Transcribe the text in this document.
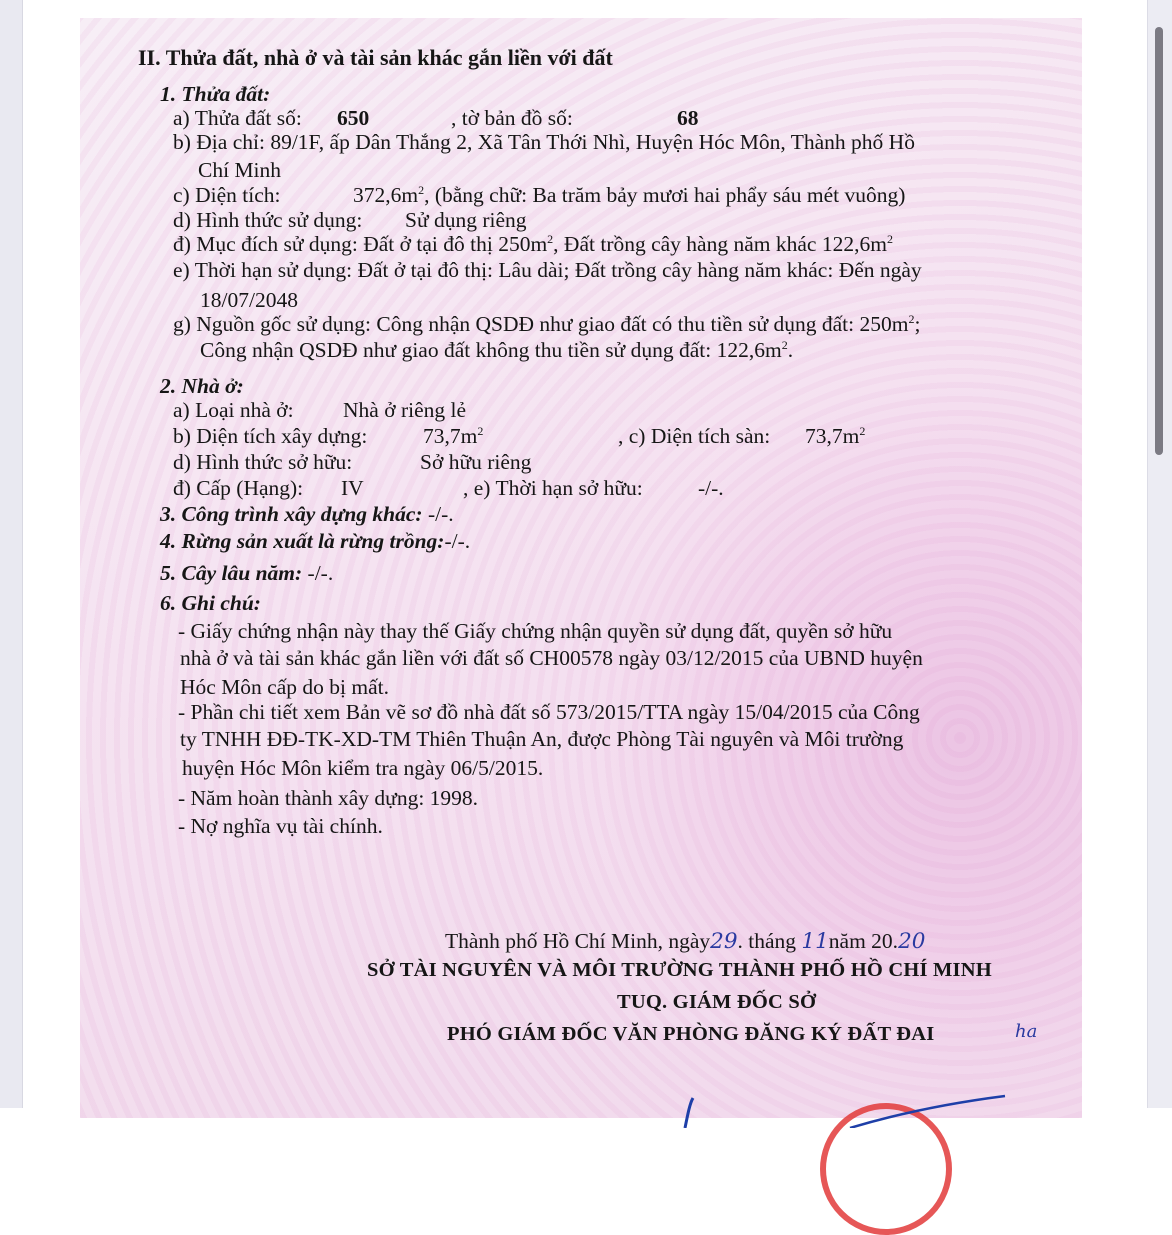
II. Thửa đất, nhà ở và tài sản khác gắn liền với đất
1. Thửa đất:
a) Thửa đất số: 650	, tờ bản đồ số:	68
b) Địa chỉ: 89/1F, ấp Dân Thắng 2, Xã Tân Thới Nhì, Huyện Hóc Môn, Thành phố Hồ
Chí Minh
c) Diện tích:	$372,6m^2$, (bằng chữ: Ba trăm bảy mươi hai phẩy sáu mét vuông)
d) Hình thức sử dụng: Sử dụng riêng
đ) Mục đích sử dụng: Đất ở tại đô thị $250m^2$, Đất trồng cây hàng năm khác $122,6m^2$
e) Thời hạn sử dụng: Đất ở tại đô thị: Lâu dài; Đất trồng cây hàng năm khác: Đến ngày
18/07/2048
g) Nguồn gốc sử dụng: Công nhận QSDĐ như giao đất có thu tiền sử dụng đất: $250m^2$;
Công nhận QSDĐ như giao đất không thu tiền sử dụng đất: $122,6m^2$.
2. Nhà ở:
a) Loại nhà ở: Nhà ở riêng lẻ
b) Diện tích xây dựng:	$73,7m^2$	, c) Diện tích sàn: $73,7m^2$
d) Hình thức sở hữu:	Sở hữu riêng
đ) Cấp (Hạng): IV	, e) Thời hạn sở hữu:	-/-.
3. Công trình xây dựng khác: -/-.
4. Rừng sản xuất là rừng trồng:-/-.
5. Cây lâu năm: -/-.
6. Ghi chú:
- Giấy chứng nhận này thay thế Giấy chứng nhận quyền sử dụng đất, quyền sở hữu
nhà ở và tài sản khác gắn liền với đất số CH00578 ngày 03/12/2015 của UBND huyện
Hóc Môn cấp do bị mất.
- Phần chi tiết xem Bản vẽ sơ đồ nhà đất số 573/2015/TTA ngày 15/04/2015 của Công
ty TNHH ĐĐ-TK-XD-TM Thiên Thuận An, được Phòng Tài nguyên và Môi trường
huyện Hóc Môn kiểm tra ngày 06/5/2015.
- Năm hoàn thành xây dựng: 1998.
- Nợ nghĩa vụ tài chính.
Thành phố Hồ Chí Minh, ngày29. tháng 11năm 20.20
SỞ TÀI NGUYÊN VÀ MÔI TRƯỜNG THÀNH PHỐ HỒ CHÍ MINH
TUQ. GIÁM ĐỐC SỞ
PHÓ GIÁM ĐỐC VĂN PHÒNG ĐĂNG KÝ ĐẤT ĐAI	ha
